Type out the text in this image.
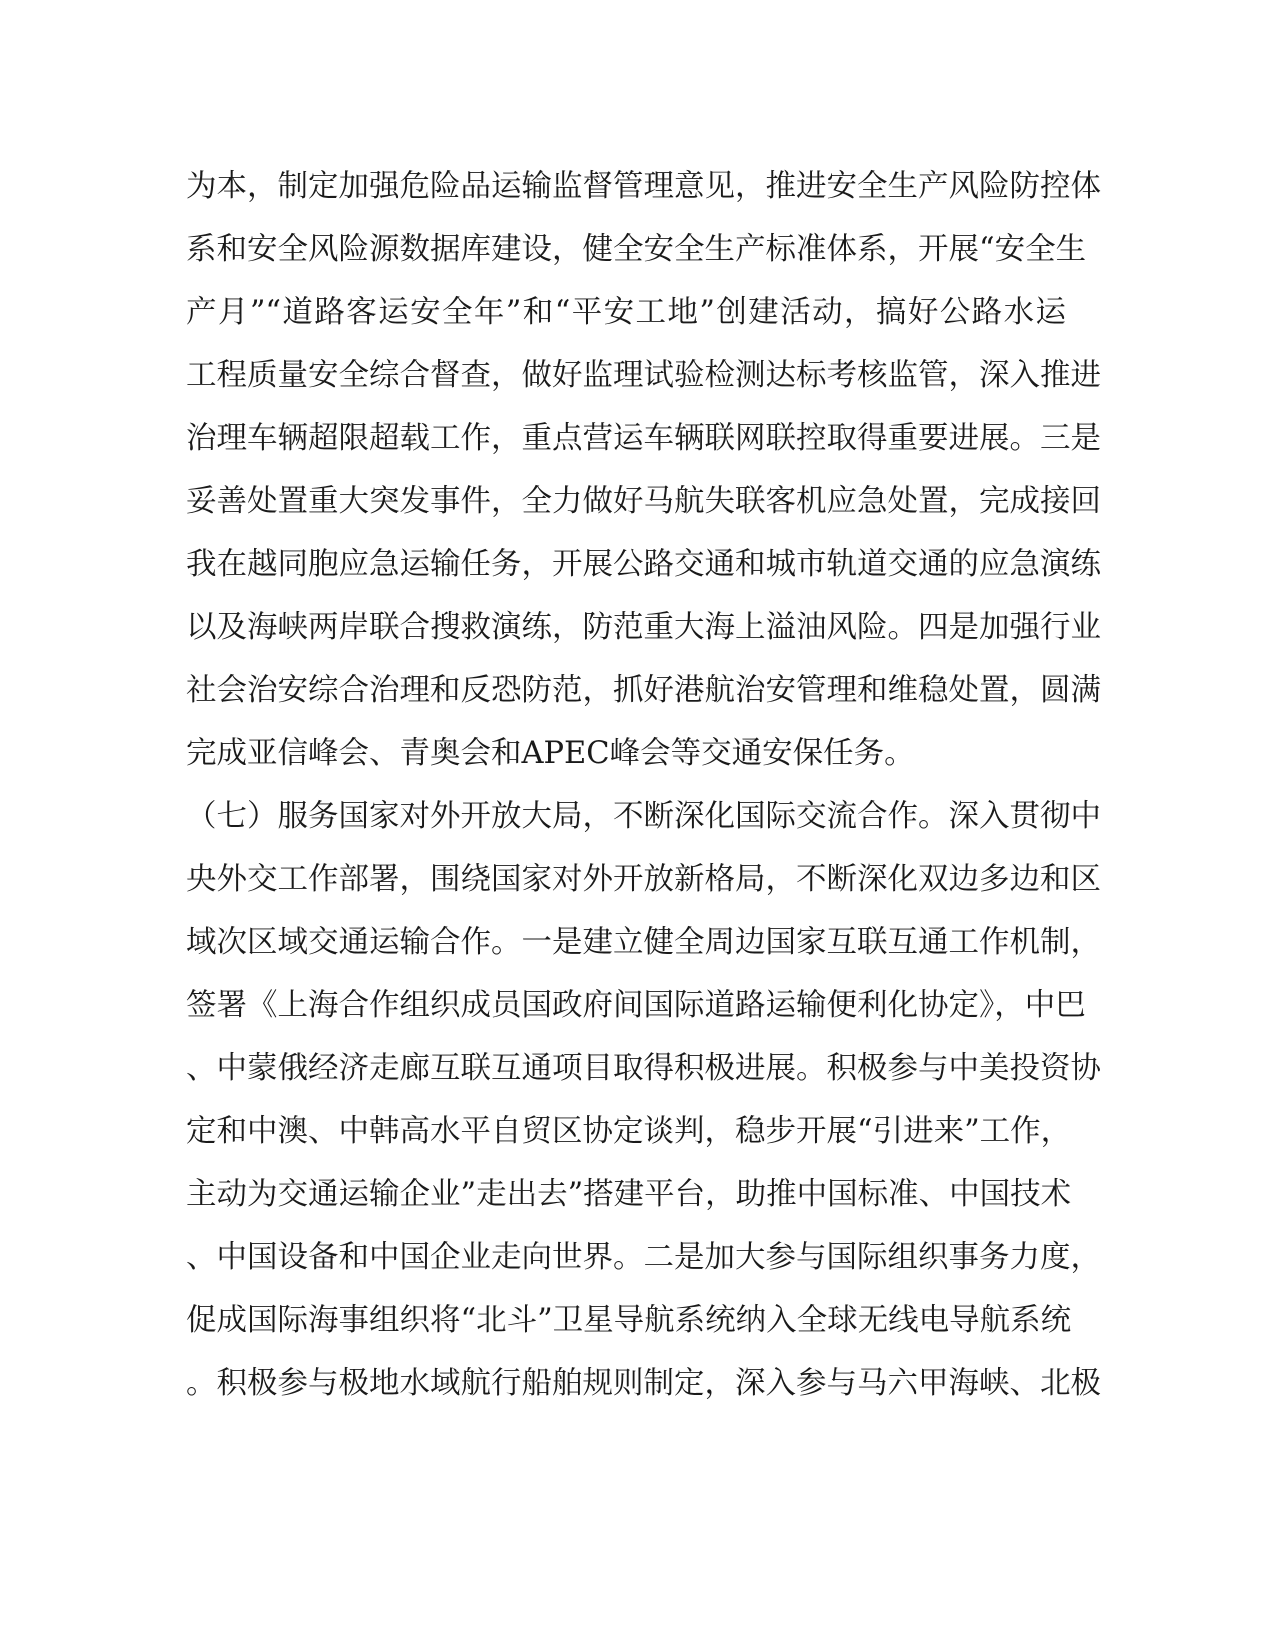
为本，制定加强危险品运输监督管理意见，推进安全生产风险防控体
系和安全风险源数据库建设，健全安全生产标准体系，开展“安全生
产月”“道路客运安全年”和“平安工地”创建活动，搞好公路水运
工程质量安全综合督查，做好监理试验检测达标考核监管，深入推进
治理车辆超限超载工作，重点营运车辆联网联控取得重要进展。三是
妥善处置重大突发事件，全力做好马航失联客机应急处置，完成接回
我在越同胞应急运输任务，开展公路交通和城市轨道交通的应急演练
以及海峡两岸联合搜救演练，防范重大海上溢油风险。四是加强行业
社会治安综合治理和反恐防范，抓好港航治安管理和维稳处置，圆满
完成亚信峰会、青奥会和APEC峰会等交通安保任务。
（七）服务国家对外开放大局，不断深化国际交流合作。深入贯彻中
央外交工作部署，围绕国家对外开放新格局，不断深化双边多边和区
域次区域交通运输合作。一是建立健全周边国家互联互通工作机制，
签署《上海合作组织成员国政府间国际道路运输便利化协定》，中巴
、中蒙俄经济走廊互联互通项目取得积极进展。积极参与中美投资协
定和中澳、中韩高水平自贸区协定谈判，稳步开展“引进来”工作，
主动为交通运输企业”走出去”搭建平台，助推中国标准、中国技术
、中国设备和中国企业走向世界。二是加大参与国际组织事务力度，
促成国际海事组织将“北斗”卫星导航系统纳入全球无线电导航系统
。积极参与极地水域航行船舶规则制定，深入参与马六甲海峡、北极
